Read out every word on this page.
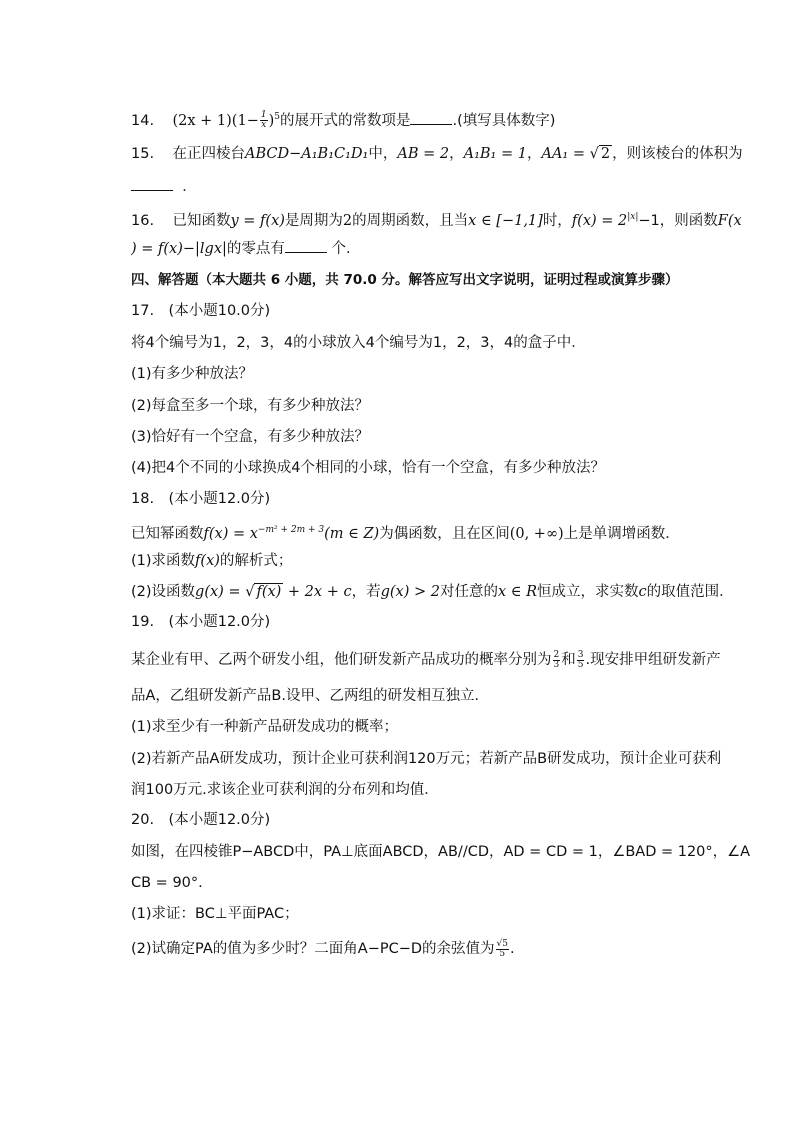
14. $(2x + 1)(1- \frac{1}{x} )^5$的展开式的常数项是	.(填写具体数字)
15. 在正四棱台ABCD−A₁B₁C₁D₁中，AB = 2，A₁B₁ = 1，AA₁ = √ 2 ，则该棱台的体积为
．
16. 已知函数y = f(x)是周期为2的周期函数，且当x ∈ [−1,1]时，$f(x) = 2^{|x|}-1$，则函数F(x
) = f(x)−|lgx|的零点有	个.
四、解答题（本大题共 6 小题，共 70.0 分。解答应写出文字说明，证明过程或演算步骤）
17.　(本小题10.0分)
将4个编号为1，2，3，4的小球放入4个编号为1，2，3，4的盒子中．
(1)有多少种放法？
(2)每盒至多一个球，有多少种放法？
(3)恰好有一个空盒，有多少种放法？
(4)把4个不同的小球换成4个相同的小球，恰有一个空盒，有多少种放法？
18.　(本小题12.0分)
已知幂函数$f(x) = x^{-m^2 + 2m + 3}(m$ ∈ Z)为偶函数，且在区间(0, +∞)上是单调增函数．
(1)求函数f(x)的解析式；
(2)设函数g(x) = √ f(x) + 2x + c，若g(x) > 2对任意的x ∈ R恒成立，求实数c的取值范围．
19.　(本小题12.0分)
某企业有甲、乙两个研发小组，他们研发新产品成功的概率分别为 $\frac{2}{3}$ 和 $\frac{3}{5}$ .现安排甲组研发新产
品A，乙组研发新产品B.设甲、乙两组的研发相互独立．
(1)求至少有一种新产品研发成功的概率；
(2)若新产品A研发成功，预计企业可获利润120万元；若新产品B研发成功，预计企业可获利
润100万元.求该企业可获利润的分布列和均值．
20.　(本小题12.0分)
如图，在四棱锥P−ABCD中，PA⊥底面ABCD，AB//CD，AD = CD = 1，∠BAD = 120°，∠A
CB = 90°.
(1)求证：BC⊥平面PAC；
(2)试确定PA的值为多少时？二面角A−PC−D的余弦值为 $\frac{√5}{5}$ .
